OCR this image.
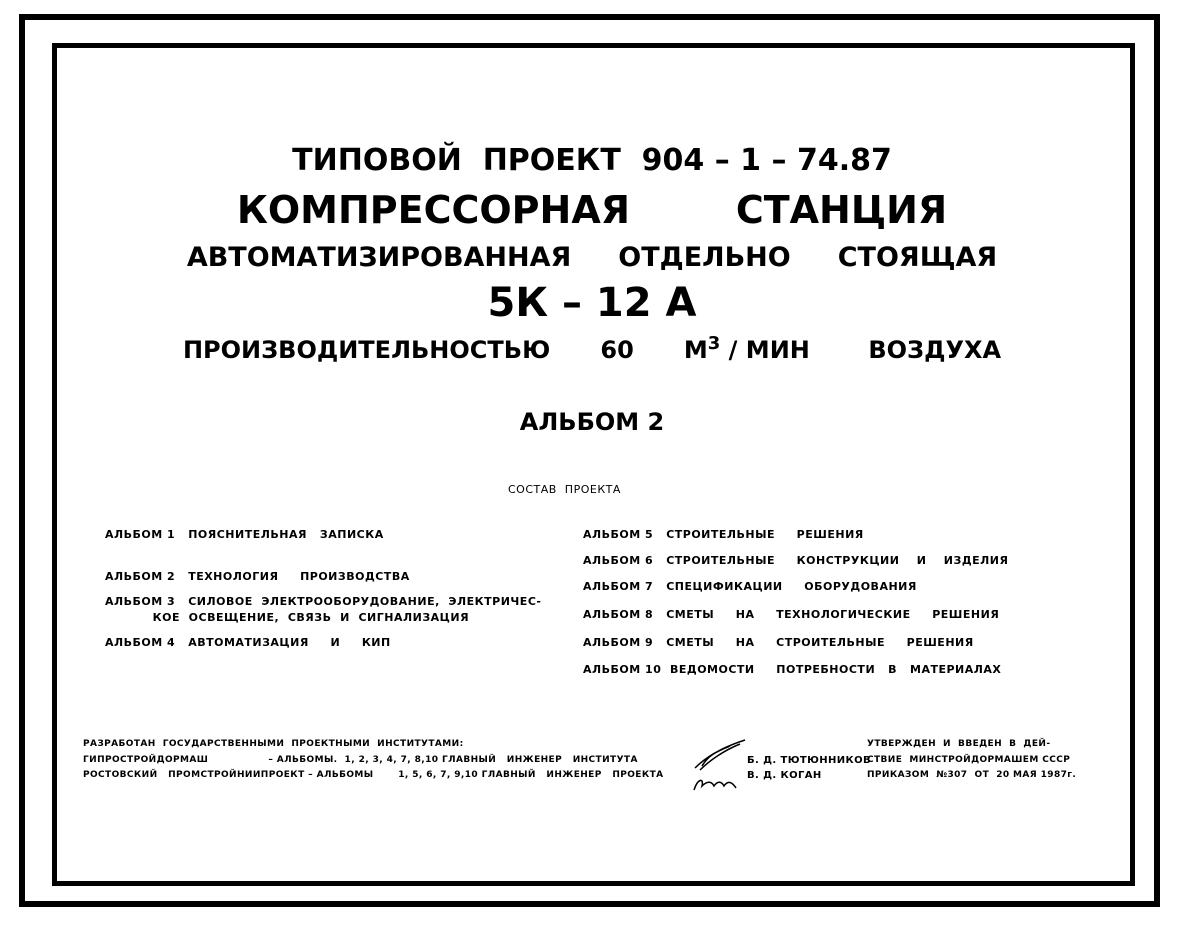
ТИПОВОЙ  ПРОЕКТ  904 – 1 – 74.87
КОМПРЕССОРНАЯ        СТАНЦИЯ
АВТОМАТИЗИРОВАННАЯ     ОТДЕЛЬНО     СТОЯЩАЯ
5К – 12 А
ПРОИЗВОДИТЕЛЬНОСТЬЮ      60      $М^3$ / МИН       ВОЗДУХА
АЛЬБОМ 2
СОСТАВ  ПРОЕКТА
АЛЬБОМ 1   ПОЯСНИТЕЛЬНАЯ   ЗАПИСКА
АЛЬБОМ 2   ТЕХНОЛОГИЯ     ПРОИЗВОДСТВА
АЛЬБОМ 3   СИЛОВОЕ  ЭЛЕКТРООБОРУДОВАНИЕ,  ЭЛЕКТРИЧЕС-
КОЕ  ОСВЕЩЕНИЕ,  СВЯЗЬ  И  СИГНАЛИЗАЦИЯ
АЛЬБОМ 4   АВТОМАТИЗАЦИЯ     И     КИП
АЛЬБОМ 5   СТРОИТЕЛЬНЫЕ     РЕШЕНИЯ
АЛЬБОМ 6   СТРОИТЕЛЬНЫЕ     КОНСТРУКЦИИ    И    ИЗДЕЛИЯ
АЛЬБОМ 7   СПЕЦИФИКАЦИИ     ОБОРУДОВАНИЯ
АЛЬБОМ 8   СМЕТЫ     НА     ТЕХНОЛОГИЧЕСКИЕ     РЕШЕНИЯ
АЛЬБОМ 9   СМЕТЫ     НА     СТРОИТЕЛЬНЫЕ     РЕШЕНИЯ
АЛЬБОМ 10  ВЕДОМОСТИ     ПОТРЕБНОСТИ   В   МАТЕРИАЛАХ
РАЗРАБОТАН  ГОСУДАРСТВЕННЫМИ  ПРОЕКТНЫМИ  ИНСТИТУТАМИ:
ГИПРОСТРОЙДОРМАШ                 – АЛЬБОМЫ.  1, 2, 3, 4, 7, 8,10 ГЛАВНЫЙ   ИНЖЕНЕР   ИНСТИТУТА
РОСТОВСКИЙ   ПРОМСТРОЙНИИПРОЕКТ – АЛЬБОМЫ       1, 5, 6, 7, 9,10 ГЛАВНЫЙ   ИНЖЕНЕР   ПРОЕКТА
Б. Д. ТЮТЮННИКОВ
В. Д. КОГАН
УТВЕРЖДЕН  И  ВВЕДЕН  В  ДЕЙ-
СТВИЕ  МИНСТРОЙДОРМАШЕМ СССР
ПРИКАЗОМ  №307  ОТ  20 МАЯ 1987г.
